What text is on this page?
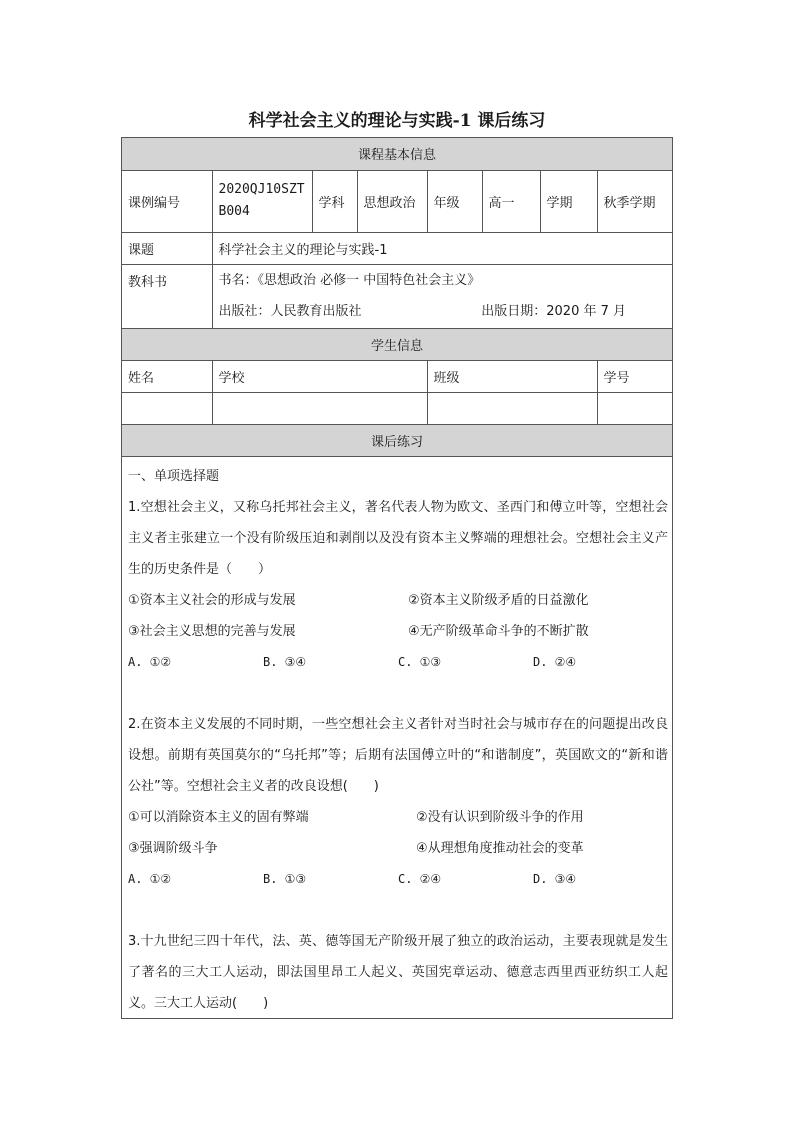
科学社会主义的理论与实践-1 课后练习
课程基本信息							
课例编号	2020QJ10SZTB004	学科	思想政治	年级	高一	学期	秋季学期
课题	科学社会主义的理论与实践-1						
教科书	书名：《思想政治 必修一 中国特色社会主义》
出版社：人民教育出版社 出版日期：2020 年 7 月						

学生信息							
姓名	学校			班级			学号

课后练习							
一、单项选择题
1.空想社会主义，又称乌托邦社会主义，著名代表人物为欧文、圣西门和傅立叶等，空想社会主义者主张建立一个没有阶级压迫和剥削以及没有资本主义弊端的理想社会。空想社会主义产生的历史条件是（　　）
①资本主义社会的形成与发展	②资本主义阶级矛盾的日益激化
③社会主义思想的完善与发展	④无产阶级革命斗争的不断扩散
A. ①②	B. ③④	C. ①③	D. ②④
2.在资本主义发展的不同时期，一些空想社会主义者针对当时社会与城市存在的问题提出改良设想。前期有英国莫尔的“乌托邦”等；后期有法国傅立叶的“和谐制度”，英国欧文的“新和谐公社”等。空想社会主义者的改良设想(　　)
①可以消除资本主义的固有弊端	②没有认识到阶级斗争的作用
③强调阶级斗争	④从理想角度推动社会的变革
A. ①②	B. ①③	C. ②④	D. ③④
3.十九世纪三四十年代，法、英、德等国无产阶级开展了独立的政治运动，主要表现就是发生了著名的三大工人运动，即法国里昂工人起义、英国宪章运动、德意志西里西亚纺织工人起义。三大工人运动(　　)
